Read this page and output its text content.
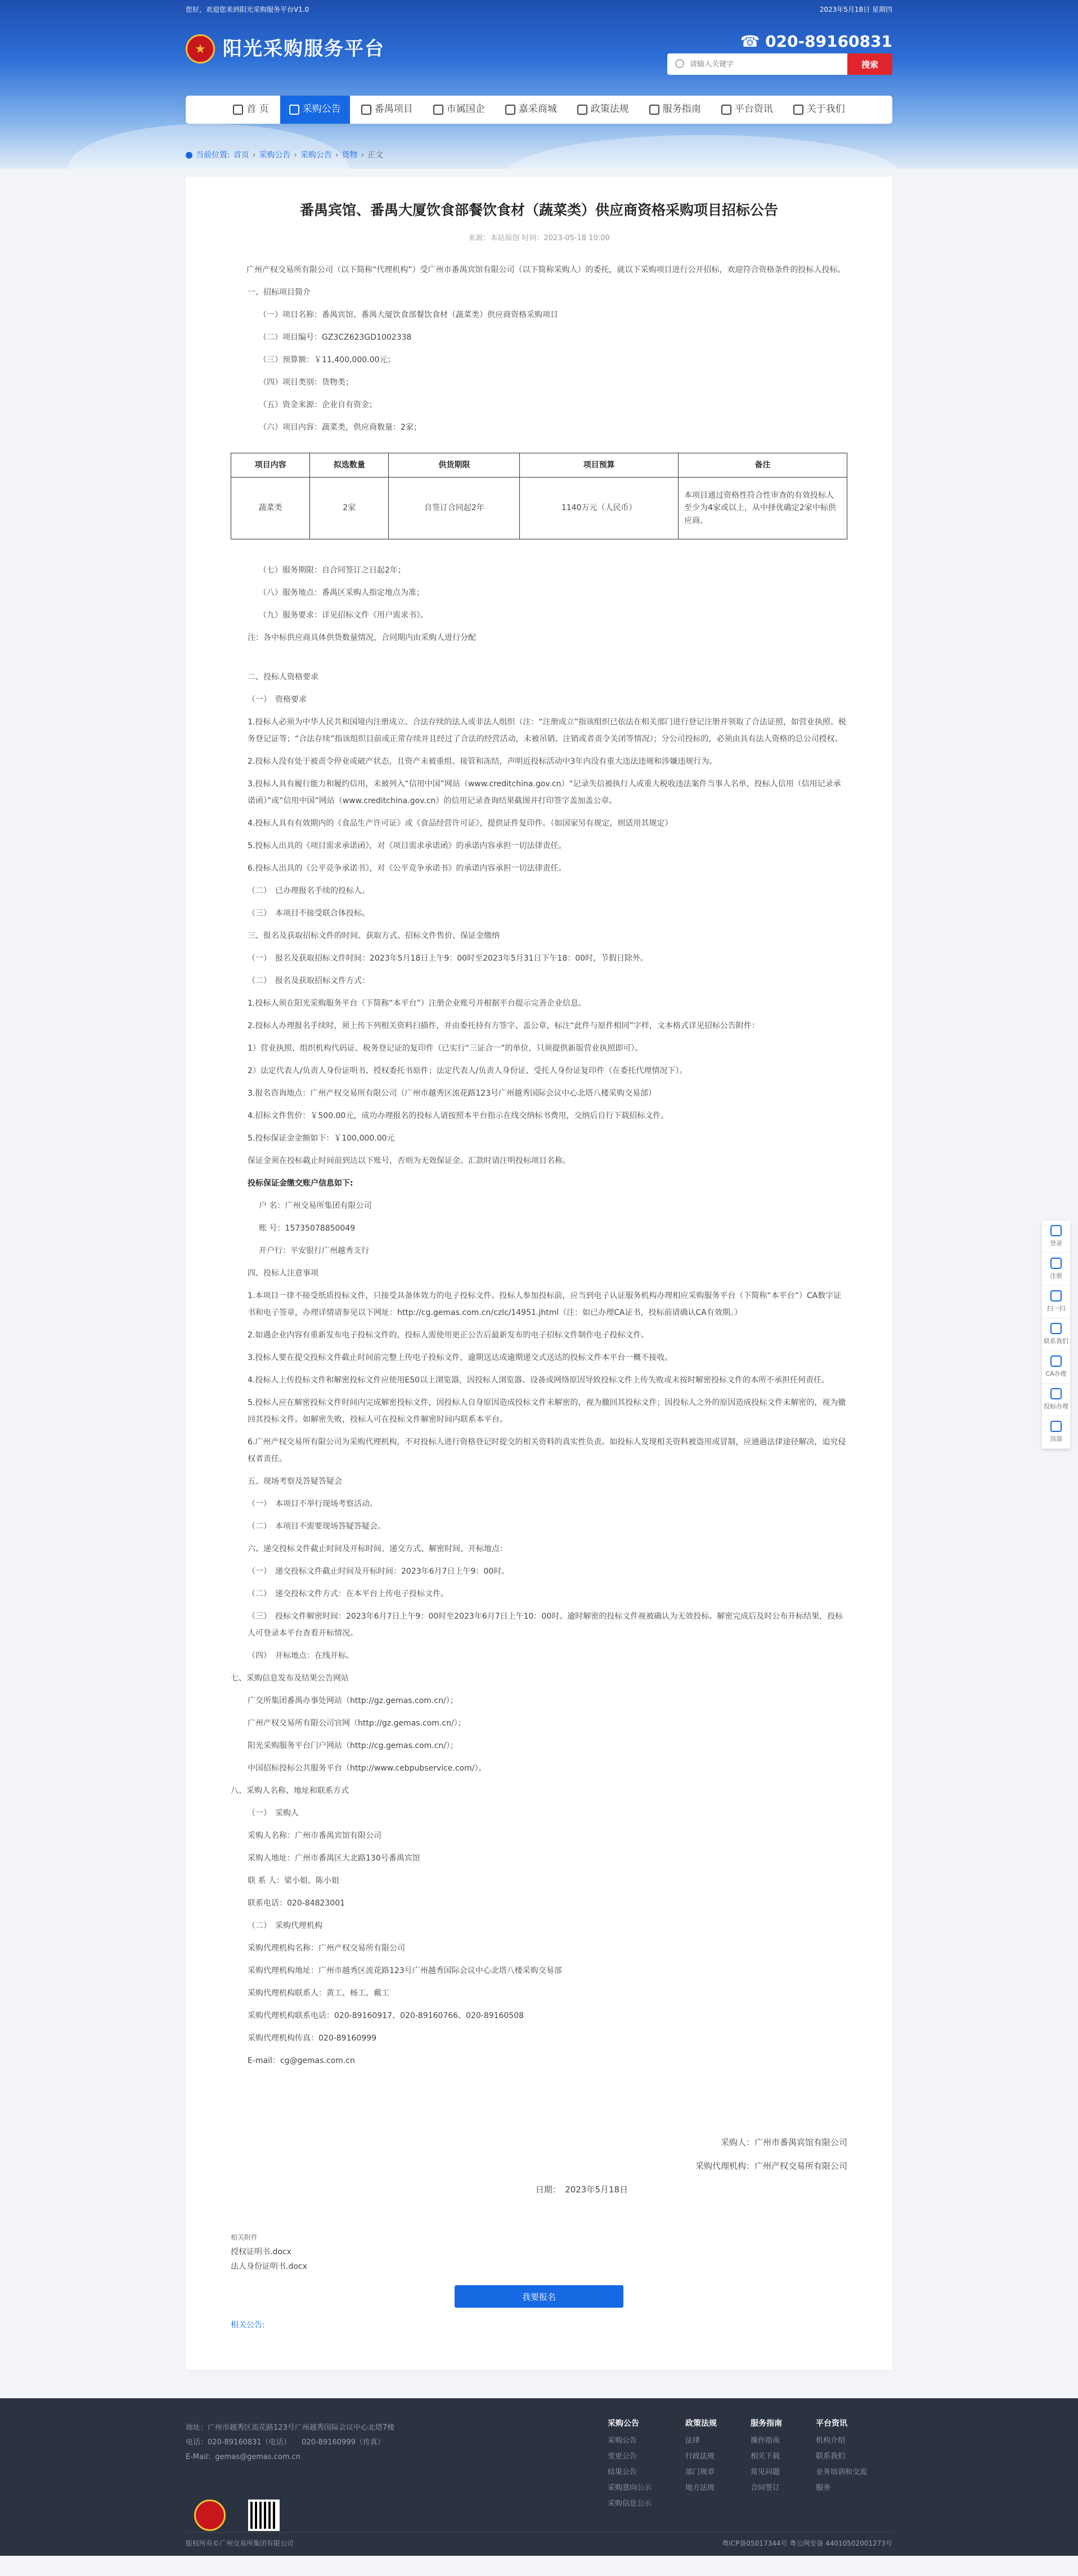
您好，欢迎您来到阳光采购服务平台V1.0	2023年5月18日 星期四
★ 阳光采购服务平台	☎ 020-89160831
请输入关键字
搜索
首 页	采购公告	番禺项目	市属国企	嘉采商城	政策法规	服务指南	平台资讯	关于我们
当前位置: 首页 › 采购公告 › 采购公告 › 货物 › 正文
番禺宾馆、番禺大厦饮食部餐饮食材（蔬菜类）供应商资格采购项目招标公告
来源：本站原创 时间：2023-05-18 10:00

广州产权交易所有限公司（以下简称“代理机构”）受广州市番禺宾馆有限公司（以下简称采购人）的委托，就以下采购项目进行公开招标，欢迎符合资格条件的投标人投标。

一、招标项目简介

（一）项目名称：番禺宾馆、番禺大厦饮食部餐饮食材（蔬菜类）供应商资格采购项目

（二）项目编号：GZ3CZ623GD1002338

（三）预算额：￥11,400,000.00元；

（四）项目类别：货物类；

（五）资金来源：企业自有资金；

（六）项目内容：蔬菜类，供应商数量：2家；

项目内容	拟选数量	供货期限	项目预算	备注
蔬菜类	2家	自签订合同起2年	1140万元（人民币）	本项目通过资格性符合性审查的有效投标人至少为4家或以上，从中择优确定2家中标供应商。

（七）服务期限：自合同签订之日起2年；

（八）服务地点：番禺区采购人指定地点为准；

（九）服务要求：详见招标文件《用户需求书》。

注：各中标供应商具体供货数量情况，合同期内由采购人进行分配

二、投标人资格要求

（一）　资格要求

1.投标人必须为中华人民共和国境内注册成立、合法存续的法人或非法人组织（注：“注册成立”指该组织已依法在相关部门进行登记注册并领取了合法证照，如营业执照、税务登记证等；“合法存续”指该组织目前或正常存续并且经过了合法的经营活动，未被吊销、注销或者责令关闭等情况）；分公司投标的，必须由具有法人资格的总公司授权。

2.投标人没有处于被责令停业或破产状态，且资产未被重组、接管和冻结，声明近投标活动中3年内没有重大违法违规和涉嫌违规行为。

3.投标人具有履行能力和履约信用，未被列入“信用中国”网站（www.creditchina.gov.cn）“记录失信被执行人或重大税收违法案件当事人名单，投标人信用（信用记录承诺函）”或“信用中国”网站（www.creditchina.gov.cn）的信用记录查询结果截图并打印签字盖加盖公章。

4.投标人具有有效期内的《食品生产许可证》或《食品经营许可证》，提供证件复印件。（如国家另有规定，则适用其规定）

5.投标人出具的《项目需求承诺函》，对《项目需求承诺函》的承诺内容承担一切法律责任。

6.投标人出具的《公平竞争承诺书》，对《公平竞争承诺书》的承诺内容承担一切法律责任。

（二）　已办理报名手续的投标人。

（三）　本项目不接受联合体投标。

三、报名及获取招标文件的时间、获取方式、招标文件售价、保证金缴纳

（一）　报名及获取招标文件时间：2023年5月18日上午9：00时至2023年5月31日下午18：00时，节假日除外。

（二）　报名及获取招标文件方式：

1.投标人须在阳光采购服务平台（下简称“本平台”）注册企业账号并根据平台提示完善企业信息。

2.投标人办理报名手续时，须上传下列相关资料扫描件，并由委托持有方签字、盖公章，标注“此件与原件相同”字样，文本格式详见招标公告附件：

1）营业执照、组织机构代码证、税务登记证的复印件（已实行“三证合一”的单位，只须提供新版营业执照即可）。

2）法定代表人/负责人身份证明书、授权委托书原件；法定代表人/负责人身份证、受托人身份证复印件（在委托代理情况下）。

3.报名咨询地点：广州产权交易所有限公司（广州市越秀区流花路123号广州越秀国际会议中心北塔八楼采购交易部）

4.招标文件售价：￥500.00元，成功办理报名的投标人请按照本平台指示在线交纳标书费用，交纳后自行下载招标文件。

5.投标保证金金额如下：￥100,000.00元

保证金须在投标截止时间前到达以下账号，否则为无效保证金。汇款时请注明投标项目名称。

投标保证金缴交账户信息如下:

户 名：广州交易所集团有限公司

账 号：15735078850049

开户行：平安银行广州越秀支行

四、投标人注意事项

1.本项目一律不接受纸质投标文件，只接受具备体效力的电子投标文件。投标人参加投标前，应当到电子认证服务机构办理相应采购服务平台（下简称“本平台”）CA数字证书和电子签章，办理详情请参见以下网址：http://cg.gemas.com.cn/czlc/14951.jhtml（注：如已办理CA证书，投标前请确认CA有效期。）

2.如遇企业内容有重新发布电子投标文件的，投标人需使用更正公告后最新发布的电子招标文件制作电子投标文件。

3.投标人要在提交投标文件截止时间前完整上传电子投标文件，逾期送达或逾期递交式送达的投标文件本平台一概不接收。

4.投标人上传投标文件和解密投标文件应使用E50以上浏览器，因投标人浏览器、设备或网络原因导致投标文件上传失败或未按时解密投标文件的本所不承担任何责任。

5.投标人应在解密投标文件时间内完成解密投标文件，因投标人自身原因造成投标文件未解密的，视为撤回其投标文件；因投标人之外的原因造成投标文件未解密的，视为撤回其投标文件。如解密失败，投标人可在投标文件解密时间内联系本平台。

6.广州产权交易所有限公司为采购代理机构，不对投标人进行资格登记时提交的相关资料的真实性负责。如投标人发现相关资料被盗用或冒制，应通過法律途径解决，追究侵权者责任。

五、现场考察及答疑答疑会

（一）　本项目不举行现场考察活动。

（二）　本项目不需要现场答疑答疑会。

六、递交投标文件截止时间及开标时间、递交方式、解密时间、开标地点：

（一）　递交投标文件截止时间及开标时间：2023年6月7日上午9：00时。

（二）　递交投标文件方式：在本平台上传电子投标文件。

（三）　投标文件解密时间：2023年6月7日上午9：00时至2023年6月7日上午10：00时。逾时解密的投标文件视被确认为无效投标。解密完成后及时公布开标结果，投标人可登录本平台查看开标情况。

（四）　开标地点：在线开标。

七、采购信息发布及结果公告网站

广交所集团番禺办事处网站（http://gz.gemas.com.cn/）；

广州产权交易所有限公司官网（http://gz.gemas.com.cn/）；

阳光采购服务平台门户网站（http://cg.gemas.com.cn/）；

中国招标投标公共服务平台（http://www.cebpubservice.com/）。

八、采购人名称、地址和联系方式

（一）　采购人

采购人名称：广州市番禺宾馆有限公司

采购人地址：广州市番禺区大北路130号番禺宾馆

联 系 人：梁小姐、陈小姐

联系电话：020-84823001

（二）　采购代理机构

采购代理机构名称：广州产权交易所有限公司

采购代理机构地址：广州市越秀区流花路123号广州越秀国际会议中心北塔八楼采购交易部

采购代理机构联系人：黄工、杨工、戴工

采购代理机构联系电话：020-89160917、020-89160766、020-89160508

采购代理机构传真：020-89160999

E-mail：cg@gemas.com.cn

采购人：广州市番禺宾馆有限公司

采购代理机构：广州产权交易所有限公司

日期：　2023年5月18日

相关附件
授权证明书.docx
法人身份证明书.docx
我要报名
相关公告:
登录
注册
扫一扫
联系我们
CA办理
投标办理
顶部
地址：广州市越秀区流花路123号广州越秀国际会议中心北塔7楼
电话：020-89160831（电话）　　020-89160999（传真）
E-Mail：gemas@gemas.com.cn
采购公告
采购公告
变更公告
结果公告
采购意向公示
采购信息公示
政策法规
法律
行政法规
部门规章
地方法规
服务指南
操作指南
相关下载
常见问题
合同签订
平台资讯
机构介绍
联系我们
业务培训和交流
服务
版权所有©广州交易所集团有限公司	粤ICP备05017344号 粤公网安备 44010502001273号
